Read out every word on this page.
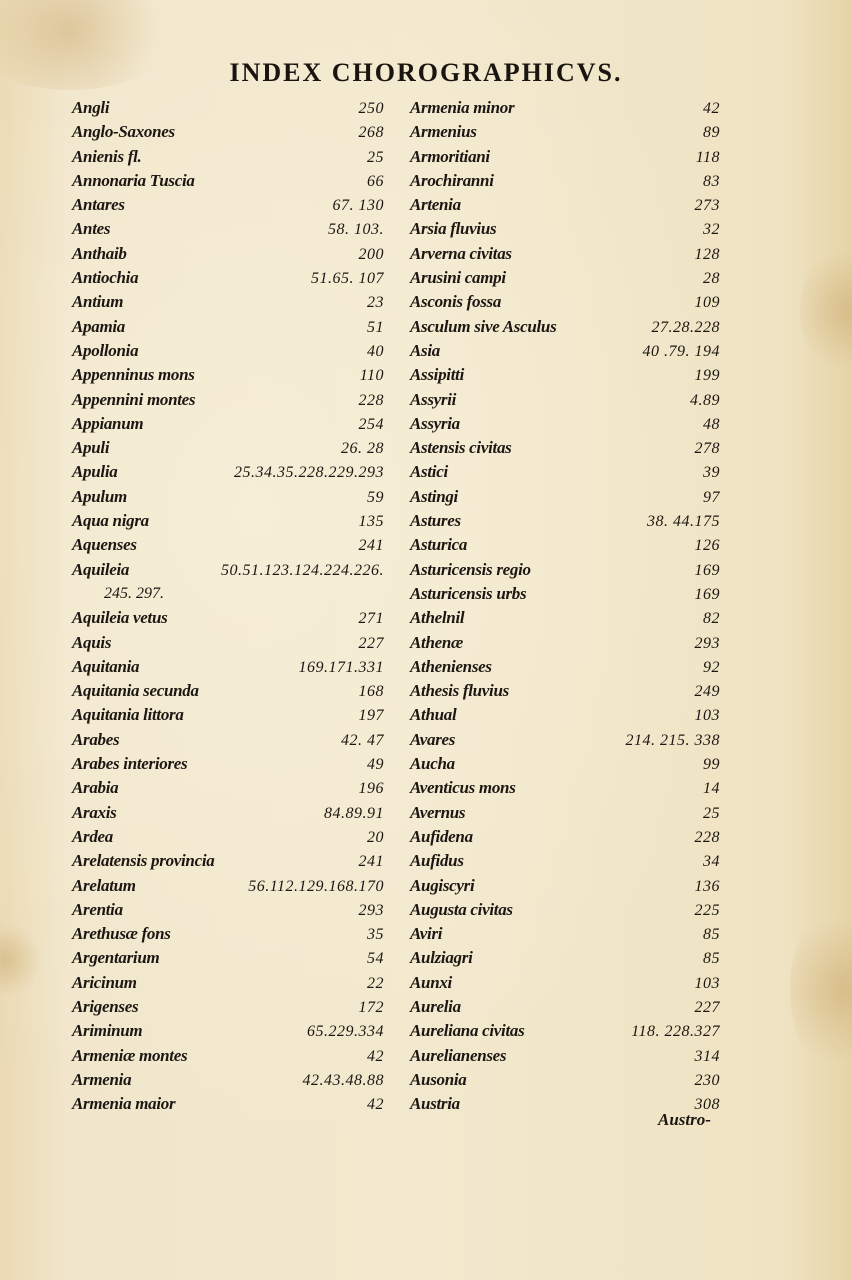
INDEX CHOROGRAPHICVS.
Angli	250
Anglo-Saxones	268
Anienis fl.	25
Annonaria Tuscia	66
Antares	67. 130
Antes	58. 103.
Anthaib	200
Antiochia	51.65. 107
Antium	23
Apamia	51
Apollonia	40
Appenninus mons	110
Appennini montes	228
Appianum	254
Apuli	26. 28
Apulia	25.34.35.228.229.293
Apulum	59
Aqua nigra	135
Aquenses	241
Aquileia	50.51.123.124.224.226.
245. 297.
Aquileia vetus	271
Aquis	227
Aquitania	169.171.331
Aquitania secunda	168
Aquitania littora	197
Arabes	42. 47
Arabes interiores	49
Arabia	196
Araxis	84.89.91
Ardea	20
Arelatensis provincia	241
Arelatum	56.112.129.168.170
Arentia	293
Arethusæ fons	35
Argentarium	54
Aricinum	22
Arigenses	172
Ariminum	65.229.334
Armeniæ montes	42
Armenia	42.43.48.88
Armenia maior	42
Armenia minor	42
Armenius	89
Armoritiani	118
Arochiranni	83
Artenia	273
Arsia fluvius	32
Arverna civitas	128
Arusini campi	28
Asconis fossa	109
Asculum sive Asculus	27.28.228
Asia	40 .79. 194
Assipitti	199
Assyrii	4.89
Assyria	48
Astensis civitas	278
Astici	39
Astingi	97
Astures	38. 44.175
Asturica	126
Asturicensis regio	169
Asturicensis urbs	169
Athelnil	82
Athenæ	293
Athenienses	92
Athesis fluvius	249
Athual	103
Avares	214. 215. 338
Aucha	99
Aventicus mons	14
Avernus	25
Aufidena	228
Aufidus	34
Augiscyri	136
Augusta civitas	225
Aviri	85
Aulziagri	85
Aunxi	103
Aurelia	227
Aureliana civitas	118. 228.327
Aurelianenses	314
Ausonia	230
Austria	308
Austro-
